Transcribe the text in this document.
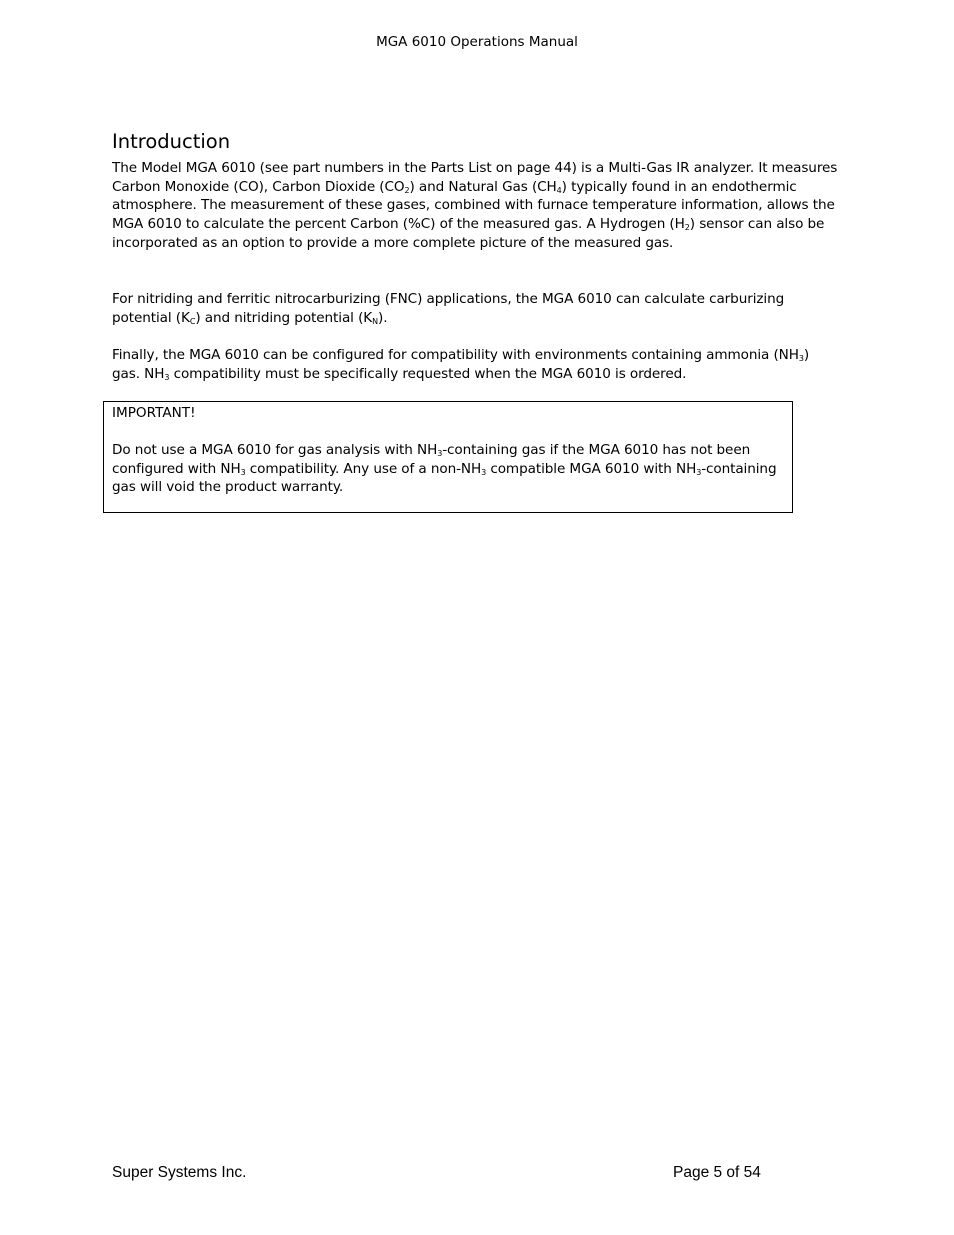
MGA 6010 Operations Manual
Introduction

The Model MGA 6010 (see part numbers in the Parts List on page 44) is a Multi-Gas IR analyzer. It measures Carbon Monoxide (CO), Carbon Dioxide $(CO_2)$ and Natural Gas $(CH_4)$ typically found in an endothermic atmosphere. The measurement of these gases, combined with furnace temperature information, allows the MGA 6010 to calculate the percent Carbon (%C) of the measured gas. A Hydrogen $(H_2)$ sensor can also be incorporated as an option to provide a more complete picture of the measured gas.

For nitriding and ferritic nitrocarburizing (FNC) applications, the MGA 6010 can calculate carburizing potential $(K_C)$ and nitriding potential $(K_N)$.

Finally, the MGA 6010 can be configured for compatibility with environments containing ammonia $(NH_3)$ gas. $NH_3$ compatibility must be specifically requested when the MGA 6010 is ordered.

IMPORTANT!

Do not use a MGA 6010 for gas analysis with $NH_3$-containing gas if the MGA 6010 has not been configured with $NH_3$ compatibility. Any use of a non-$NH_3$ compatible MGA 6010 with $NH_3$-containing gas will void the product warranty.

Super Systems Inc.	Page 5 of 54
